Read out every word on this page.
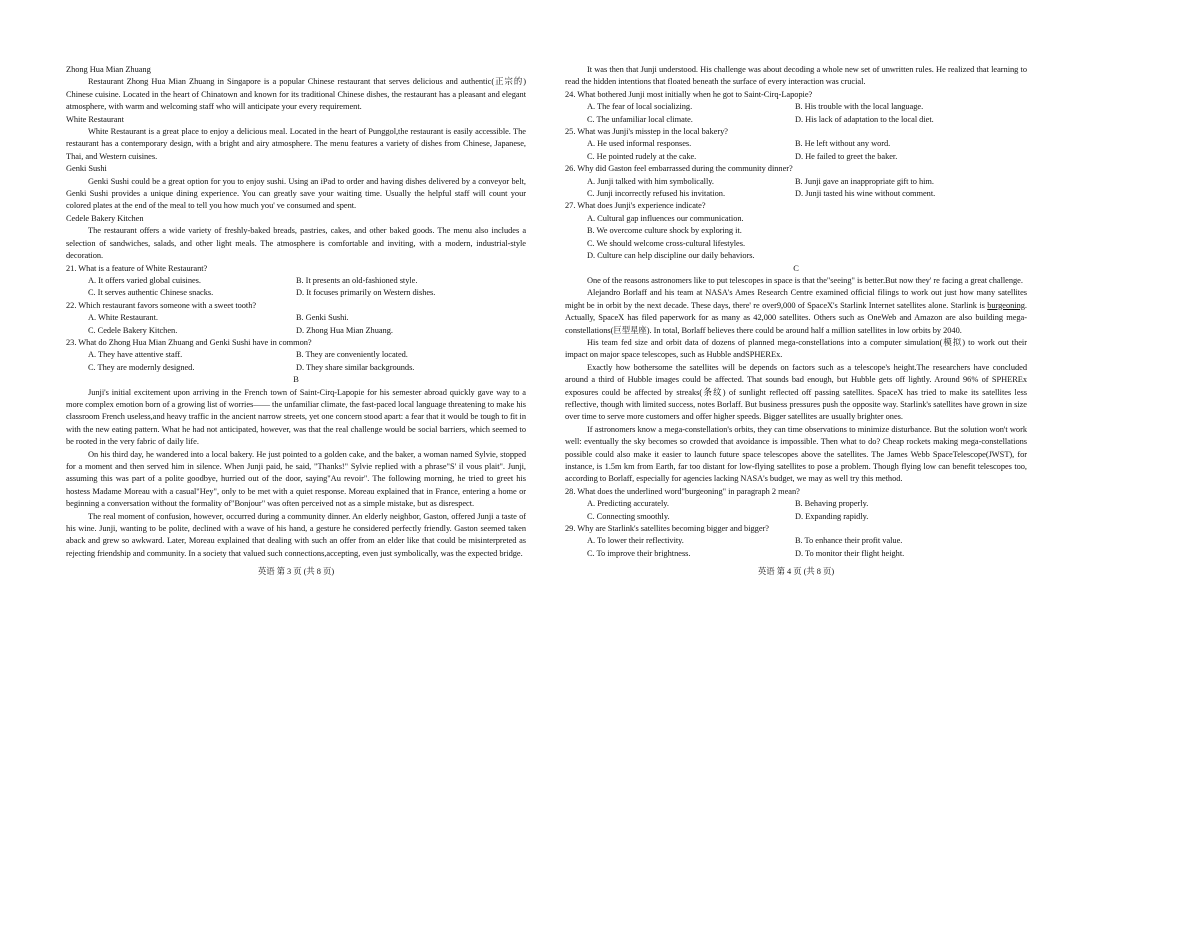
Zhong Hua Mian Zhuang

Restaurant Zhong Hua Mian Zhuang in Singapore is a popular Chinese restaurant that serves delicious and authentic(正宗的) Chinese cuisine. Located in the heart of Chinatown and known for its traditional Chinese dishes, the restaurant has a pleasant and elegant atmosphere, with warm and welcoming staff who will anticipate your every requirement.

White Restaurant

White Restaurant is a great place to enjoy a delicious meal. Located in the heart of Punggol,the restaurant is easily accessible. The restaurant has a contemporary design, with a bright and airy atmosphere. The menu features a variety of dishes from Chinese, Japanese, Thai, and Western cuisines.

Genki Sushi

Genki Sushi could be a great option for you to enjoy sushi. Using an iPad to order and having dishes delivered by a conveyor belt, Genki Sushi provides a unique dining experience. You can greatly save your waiting time. Usually the helpful staff will count your colored plates at the end of the meal to tell you how much you' ve consumed and spent.

Cedele Bakery Kitchen

The restaurant offers a wide variety of freshly-baked breads, pastries, cakes, and other baked goods. The menu also includes a selection of sandwiches, salads, and other light meals. The atmosphere is comfortable and inviting, with a modern, industrial-style decoration.

21. What is a feature of White Restaurant?

A. It offers varied global cuisines.	B. It presents an old-fashioned style.

C. It serves authentic Chinese snacks.	D. It focuses primarily on Western dishes.

22. Which restaurant favors someone with a sweet tooth?

A. White Restaurant.	B. Genki Sushi.

C. Cedele Bakery Kitchen.	D. Zhong Hua Mian Zhuang.

23. What do Zhong Hua Mian Zhuang and Genki Sushi have in common?

A. They have attentive staff.	B. They are conveniently located.

C. They are modernly designed.	D. They share similar backgrounds.

B

Junji's initial excitement upon arriving in the French town of Saint-Cirq-Lapopie for his semester abroad quickly gave way to a more complex emotion born of a growing list of worries—— the unfamiliar climate, the fast-paced local language threatening to make his classroom French useless,and heavy traffic in the ancient narrow streets, yet one concern stood apart: a fear that it would be tough to fit in with the new eating pattern. What he had not anticipated, however, was that the real challenge would be social barriers, which seemed to be rooted in the very fabric of daily life.

On his third day, he wandered into a local bakery. He just pointed to a golden cake, and the baker, a woman named Sylvie, stopped for a moment and then served him in silence. When Junji paid, he said, "Thanks!" Sylvie replied with a phrase"S' il vous plait". Junji, assuming this was part of a polite goodbye, hurried out of the door, saying"Au revoir". The following morning, he tried to greet his hostess Madame Moreau with a casual"Hey", only to be met with a quiet response. Moreau explained that in France, entering a home or beginning a conversation without the formality of"Bonjour" was often perceived not as a simple mistake, but as disrespect.

The real moment of confusion, however, occurred during a community dinner. An elderly neighbor, Gaston, offered Junji a taste of his wine. Junji, wanting to be polite, declined with a wave of his hand, a gesture he considered perfectly friendly. Gaston seemed taken aback and grew so awkward. Later, Moreau explained that dealing with such an offer from an elder like that could be misinterpreted as rejecting friendship and community. In a society that valued such connections,accepting, even just symbolically, was the expected bridge.

英语 第 3 页 (共 8 页)

It was then that Junji understood. His challenge was about decoding a whole new set of unwritten rules. He realized that learning to read the hidden intentions that floated beneath the surface of every interaction was crucial.

24. What bothered Junji most initially when he got to Saint-Cirq-Lapopie?

A. The fear of local socializing.	B. His trouble with the local language.

C. The unfamiliar local climate.	D. His lack of adaptation to the local diet.

25. What was Junji's misstep in the local bakery?

A. He used informal responses.	B. He left without any word.

C. He pointed rudely at the cake.	D. He failed to greet the baker.

26. Why did Gaston feel embarrassed during the community dinner?

A. Junji talked with him symbolically.	B. Junji gave an inappropriate gift to him.

C. Junji incorrectly refused his invitation.	D. Junji tasted his wine without comment.

27. What does Junji's experience indicate?

A. Cultural gap influences our communication.

B. We overcome culture shock by exploring it.

C. We should welcome cross-cultural lifestyles.

D. Culture can help discipline our daily behaviors.

C

One of the reasons astronomers like to put telescopes in space is that the"seeing" is better.But now they' re facing a great challenge.

Alejandro Borlaff and his team at NASA's Ames Research Centre examined official filings to work out just how many satellites might be in orbit by the next decade. These days, there' re over9,000 of SpaceX's Starlink Internet satellites alone. Starlink is burgeoning. Actually, SpaceX has filed paperwork for as many as 42,000 satellites. Others such as OneWeb and Amazon are also building mega-constellations(巨型星座). In total, Borlaff believes there could be around half a million satellites in low orbits by 2040.

His team fed size and orbit data of dozens of planned mega-constellations into a computer simulation(模拟) to work out their impact on major space telescopes, such as Hubble andSPHEREx.

Exactly how bothersome the satellites will be depends on factors such as a telescope's height.The researchers have concluded around a third of Hubble images could be affected. That sounds bad enough, but Hubble gets off lightly. Around 96% of SPHEREx exposures could be affected by streaks(条纹) of sunlight reflected off passing satellites. SpaceX has tried to make its satellites less reflective, though with limited success, notes Borlaff. But business pressures push the opposite way. Starlink's satellites have grown in size over time to serve more customers and offer higher speeds. Bigger satellites are usually brighter ones.

If astronomers know a mega-constellation's orbits, they can time observations to minimize disturbance. But the solution won't work well: eventually the sky becomes so crowded that avoidance is impossible. Then what to do? Cheap rockets making mega-constellations possible could also make it easier to launch future space telescopes above the satellites. The James Webb SpaceTelescope(JWST), for instance, is 1.5m km from Earth, far too distant for low-flying satellites to pose a problem. Though flying low can benefit telescopes too, according to Borlaff, especially for agencies lacking NASA's budget, we may as well try this method.

28. What does the underlined word"burgeoning" in paragraph 2 mean?

A. Predicting accurately.	B. Behaving properly.

C. Connecting smoothly.	D. Expanding rapidly.

29. Why are Starlink's satellites becoming bigger and bigger?

A. To lower their reflectivity.	B. To enhance their profit value.

C. To improve their brightness.	D. To monitor their flight height.

英语 第 4 页 (共 8 页)
